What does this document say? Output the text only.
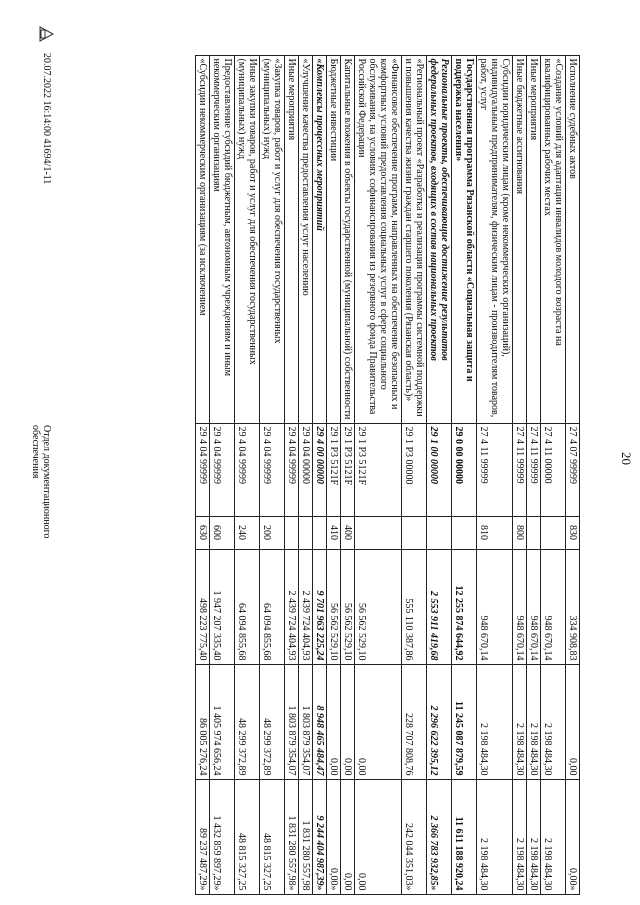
20.07.2022 16:14:00 41694/1-11
Отдел документационного обеспечения
89 237 487,29»	86 005 276,24	498 223 775,40	630	29 4 04 99999	«Субсидии некоммерческим организациям (за исключением
1 432 859 897,29»	1 405 974 656,24	1 947 207 335,40	600	29 4 04 99999	Предоставление субсидий бюджетным, автономным учреждениям и иным некоммерческим организациям
48 815 327,25	48 299 372,89	64 094 855,68	240	29 4 04 99999	Иные закупки товаров, работ и услуг для обеспечения государственных (муниципальных) нужд
48 815 327,25	48 299 372,89	64 094 855,68	200	29 4 04 99999	«Закупка товаров, работ и услуг для обеспечения государственных (муниципальных) нужд
1 831 280 557,98»	1 803 879 354,07	2 439 724 404,93		29 4 04 99999	Иные мероприятия
1 831 280 557,98	1 803 879 354,07	2 439 724 404,93		29 4 04 00000	«Улучшение качества предоставления услуг населению
9 244 404 987,39»	8 948 465 484,47	9 701 963 225,24		29 4 00 00000	«Комплексы процессных мероприятий
0,00»	0,00	56 562 529,10	410	29 1 P3 5121F	Бюджетные инвестиции
0,00	0,00	56 562 529,10	400	29 1 P3 5121F	Капитальные вложения в объекты государственной (муниципальной) собственности
0,00	0,00	56 562 529,10		29 1 P3 5121F	«Финансовое обеспечение программ, направленных на обеспечение безопасных и комфортных условий предоставления социальных услуг в сфере социального обслуживания, на условиях софинансирования из резервного фонда Правительства Российской Федерации
242 044 351,03»	228 707 808,76	555 110 387,86		29 1 P3 00000	«Региональный проект «Разработка и реализация программы системной поддержки и повышения качества жизни граждан старшего поколения (Рязанская область)»
2 366 783 932,85»	2 296 622 395,12	2 553 911 419,68		29 1 00 00000	Региональные проекты, обеспечивающие достижение результатов федеральных проектов, входящих в состав национальных проектов
11 611 188 920,24	11 245 087 879,59	12 255 874 644,92		29 0 00 00000	Государственная программа Рязанской области «Социальная защита и поддержка населения»
2 198 484,30	2 198 484,30	948 670,14	810	27 4 11 99999	Субсидии юридическим лицам (кроме некоммерческих организаций), индивидуальным предпринимателям, физическим лицам - производителям товаров, работ, услуг
2 198 484,30	2 198 484,30	948 670,14	800	27 4 11 99999	Иные бюджетные ассигнования
2 198 484,30	2 198 484,30	948 670,14		27 4 11 99999	Иные мероприятия
2 198 484,30	2 198 484,30	948 670,14		27 4 11 00000	«Создание условий для адаптации инвалидов молодого возраста на квалифицированных рабочих местах
0,00»	0,00	334 908,83	830	27 4 07 99999	Исполнение судебных актов
20
